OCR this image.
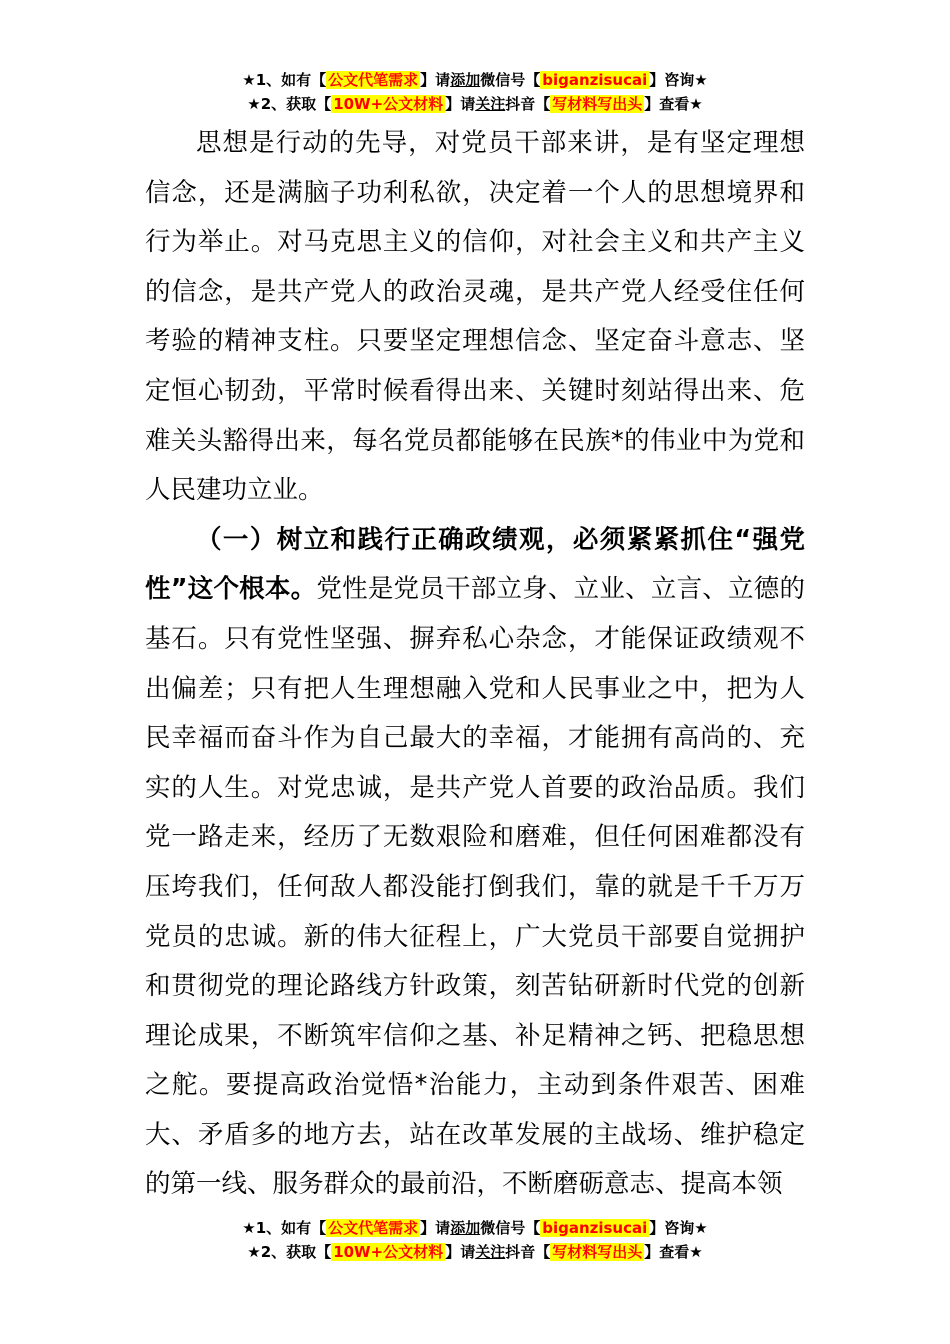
★1、如有【 公文代笔需求 】请添加微信号【 biganzisucai 】咨询★
★2、获取【 10W+公文材料 】请关注抖音【 写材料写出头 】查看★

思想是行动的先导，对党员干部来讲，是有坚定理想信念，还是满脑子功利私欲，决定着一个人的思想境界和行为举止。对马克思主义的信仰，对社会主义和共产主义的信念，是共产党人的政治灵魂，是共产党人经受住任何考验的精神支柱。只要坚定理想信念、坚定奋斗意志、坚定恒心韧劲，平常时候看得出来、关键时刻站得出来、危难关头豁得出来，每名党员都能够在民族*的伟业中为党和人民建功立业。

（一）树立和践行正确政绩观，必须紧紧抓住“强党性”这个根本。党性是党员干部立身、立业、立言、立德的基石。只有党性坚强、摒弃私心杂念，才能保证政绩观不出偏差；只有把人生理想融入党和人民事业之中，把为人民幸福而奋斗作为自己最大的幸福，才能拥有高尚的、充实的人生。对党忠诚，是共产党人首要的政治品质。我们党一路走来，经历了无数艰险和磨难，但任何困难都没有压垮我们，任何敌人都没能打倒我们，靠的就是千千万万党员的忠诚。新的伟大征程上，广大党员干部要自觉拥护和贯彻党的理论路线方针政策，刻苦钻研新时代党的创新理论成果，不断筑牢信仰之基、补足精神之钙、把稳思想之舵。要提高政治觉悟*治能力，主动到条件艰苦、困难大、矛盾多的地方去，站在改革发展的主战场、维护稳定的第一线、服务群众的最前沿，不断磨砺意志、提高本领

★1、如有【 公文代笔需求 】请添加微信号【 biganzisucai 】咨询★
★2、获取【 10W+公文材料 】请关注抖音【 写材料写出头 】查看★
